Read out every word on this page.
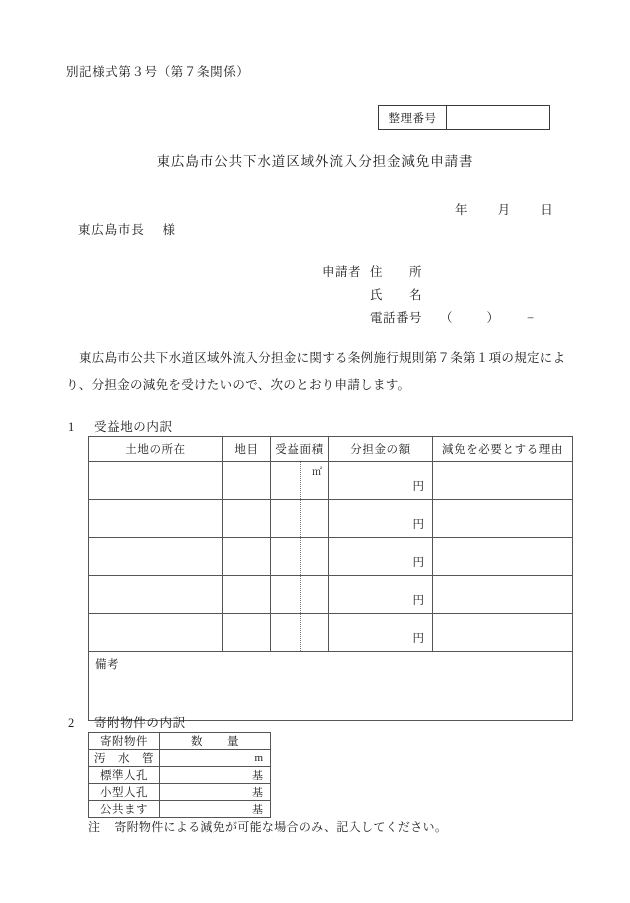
別記様式第３号（第７条関係）
整理番号
東広島市公共下水道区域外流入分担金減免申請書
年 月 日
東広島市長 様
申請者 住　　所
氏　　名
電話番号 （	） −
東広島市公共下水道区域外流入分担金に関する条例施行規則第７条第１項の規定により、分担金の減免を受けたいので、次のとおり申請します。
1 受益地の内訳
土地の所在	地目	受益面積	分担金の額	減免を必要とする理由

		㎡	円	

			円	

			円	

			円	

			円	

備考				
2 寄附物件の内訳
寄附物件	数　　量
汚　水　管	m
標準人孔	基
小型人孔	基
公共ます	基
注 寄附物件による減免が可能な場合のみ、記入してください。
